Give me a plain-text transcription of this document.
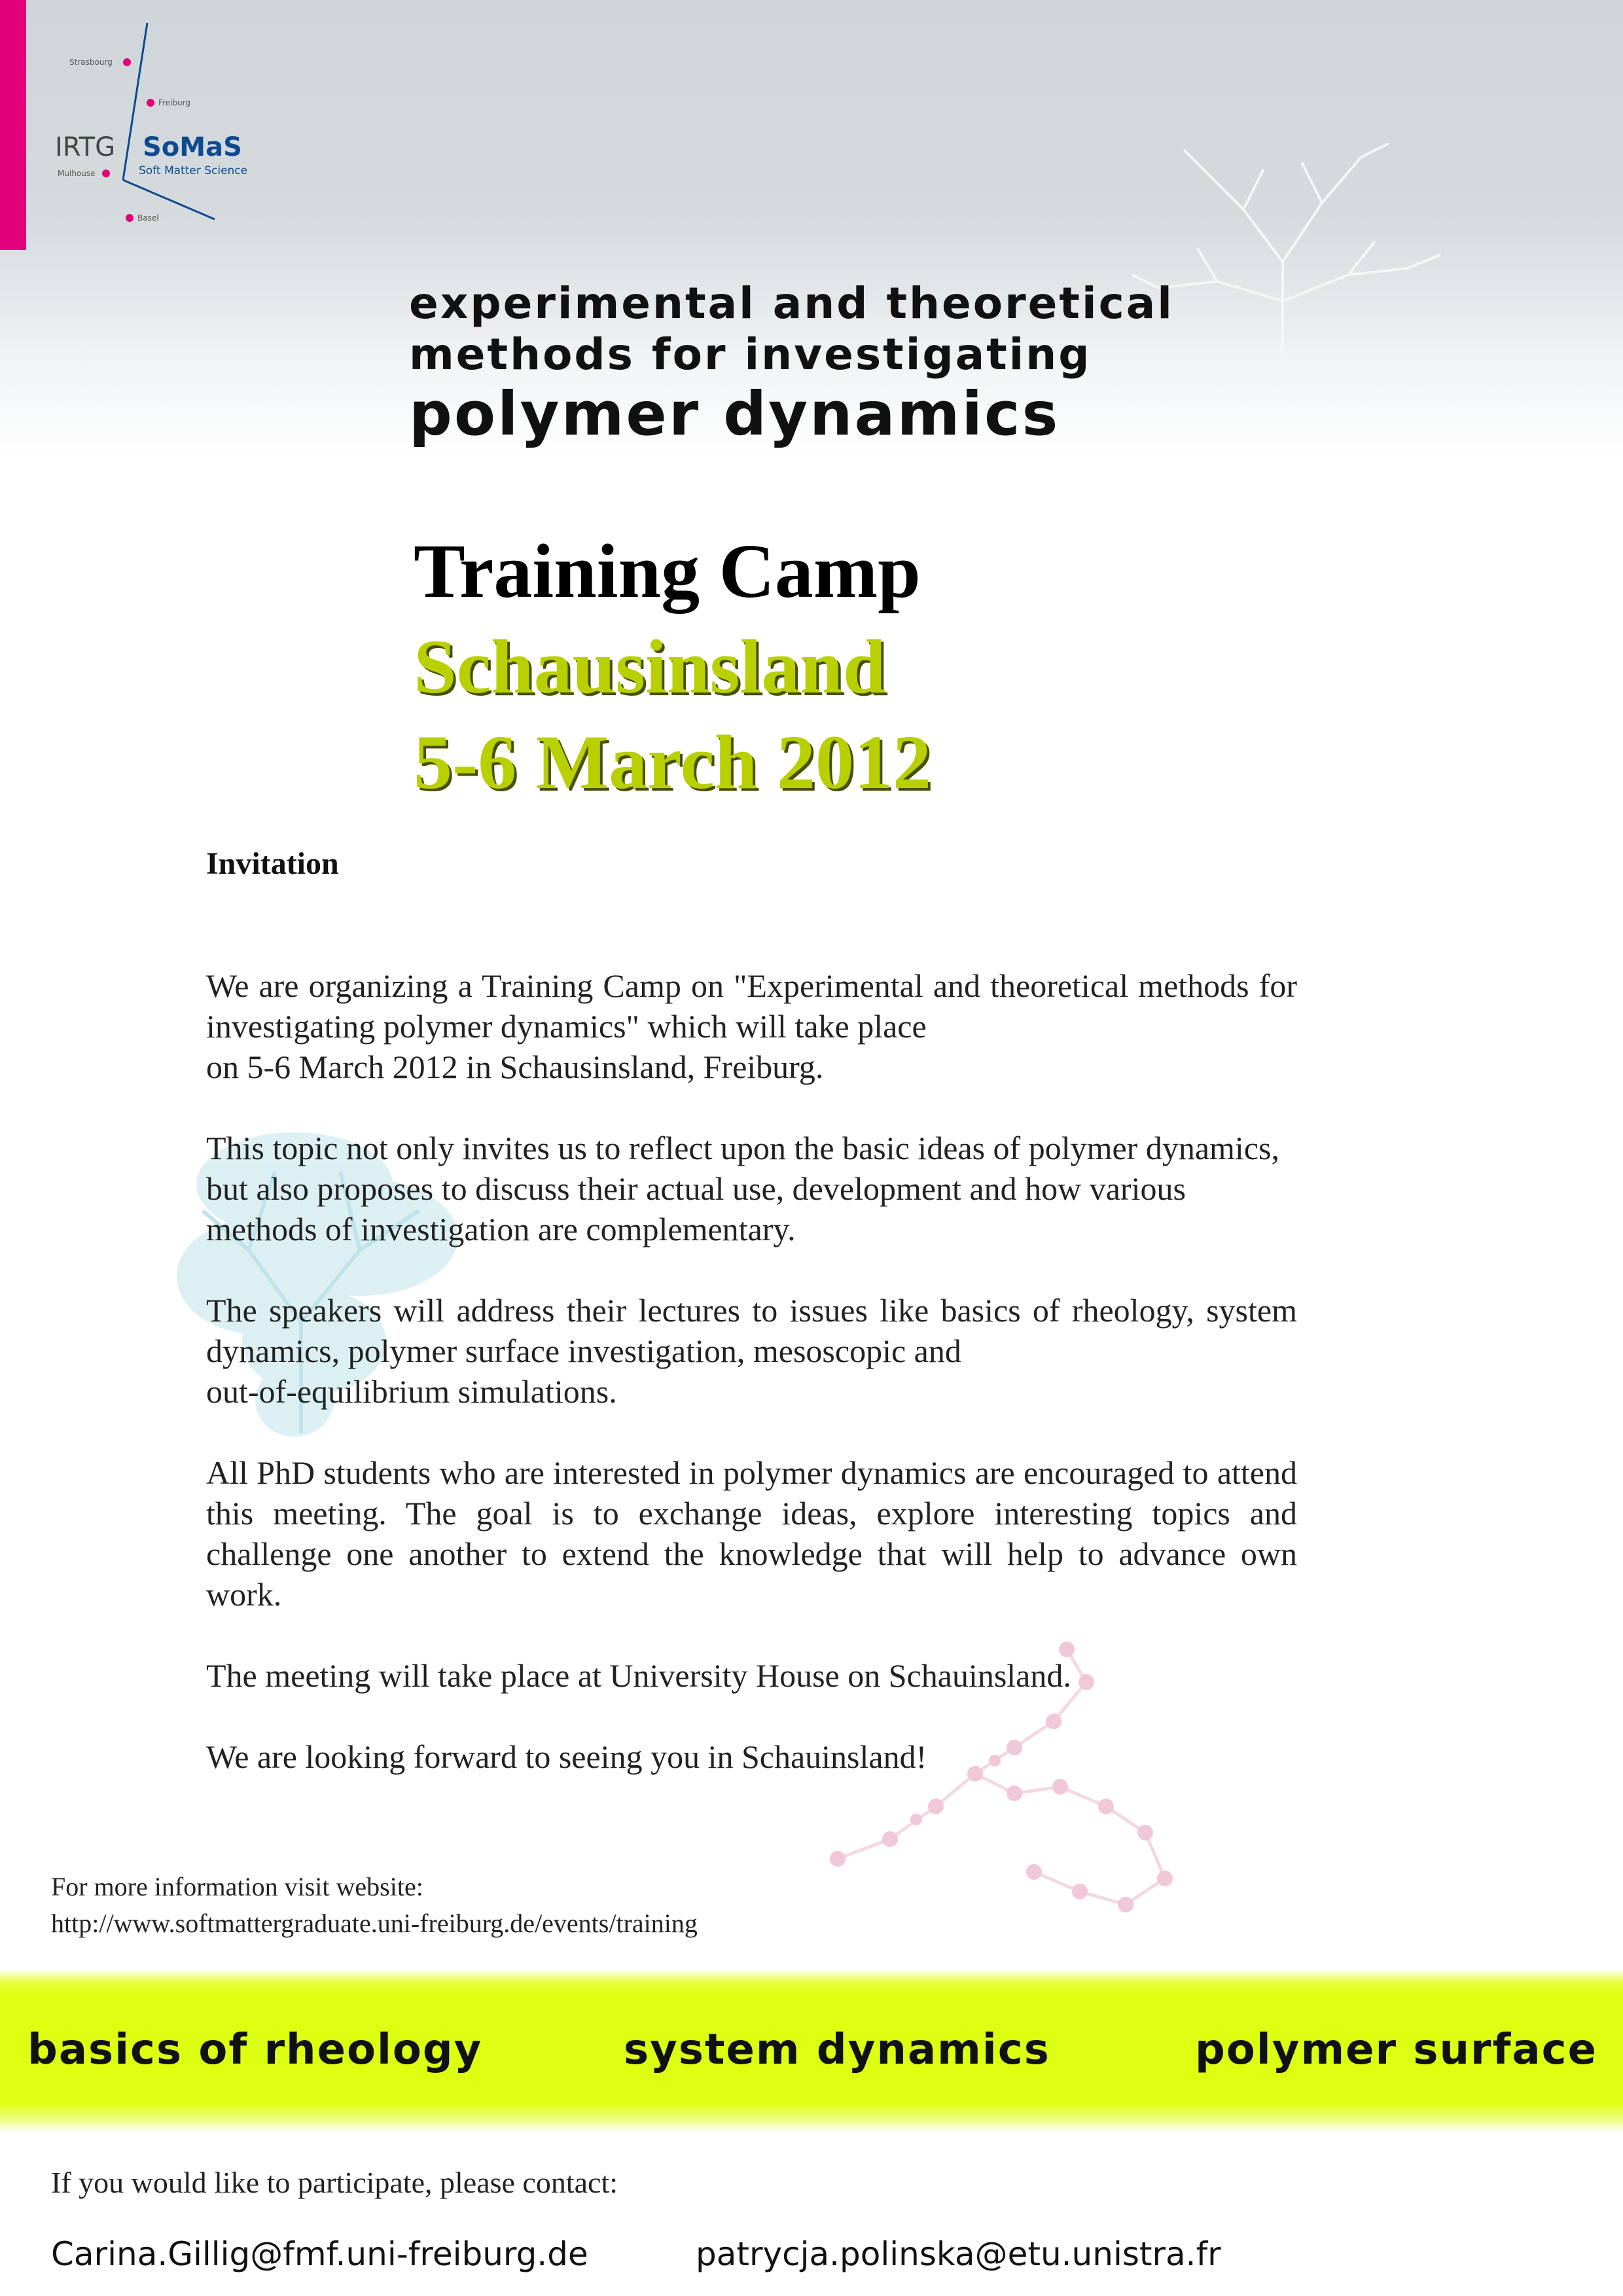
Strasbourg
Freiburg
IRTG SoMaS
Mulhouse	Soft Matter Science
Basel

experimental and theoretical

methods for investigating

polymer dynamics

Training Camp

Schausinsland

5-6 March 2012

Invitation

We are organizing a Training Camp on "Experimental and theoretical methods for investigating polymer dynamics" which will take place
on 5-6 March 2012 in Schausinsland, Freiburg.

This topic not only invites us to reflect upon the basic ideas of polymer dynamics, but also proposes to discuss their actual use, development and how various methods of investigation are complementary.

The speakers will address their lectures to issues like basics of rheology, system dynamics, polymer surface investigation, mesoscopic and
out-of-equilibrium simulations.

All PhD students who are interested in polymer dynamics are encouraged to attend this meeting. The goal is to exchange ideas, explore interesting topics and challenge one another to extend the knowledge that will help to advance own work.

The meeting will take place at University House on Schauinsland.

We are looking forward to seeing you in Schauinsland!

For more information visit website:
http://www.softmattergraduate.uni-freiburg.de/events/training
basics of rheology	system dynamics	polymer surface

If you would like to participate, please contact:

Carina.Gillig@fmf.uni-freiburg.de	patrycja.polinska@etu.unistra.fr
